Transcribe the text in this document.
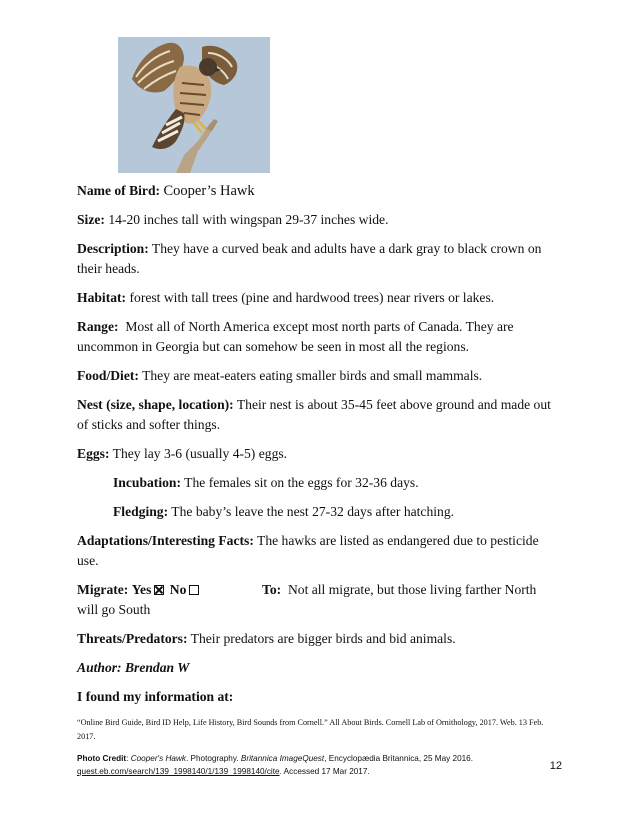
Name of Bird: Cooper’s Hawk
Size: 14-20 inches tall with wingspan 29-37 inches wide.
Description: They have a curved beak and adults have a dark gray to black crown on their heads.
Habitat: forest with tall trees (pine and hardwood trees) near rivers or lakes.
Range: Most all of North America except most north parts of Canada. They are uncommon in Georgia but can somehow be seen in most all the regions.
Food/Diet: They are meat-eaters eating smaller birds and small mammals.
Nest (size, shape, location): Their nest is about 35-45 feet above ground and made out of sticks and softer things.
Eggs: They lay 3-6 (usually 4-5) eggs.
Incubation: The females sit on the eggs for 32-36 days.
Fledging: The baby’s leave the nest 27-32 days after hatching.
Adaptations/Interesting Facts: The hawks are listed as endangered due to pesticide use.
Migrate: Yes No	To: Not all migrate, but those living farther North
will go South
Threats/Predators: Their predators are bigger birds and bid animals.
Author: Brendan W
I found my information at:
“Online Bird Guide, Bird ID Help, Life History, Bird Sounds from Cornell.” All About Birds. Cornell Lab of Ornithology, 2017. Web. 13 Feb. 2017.
Photo Credit: Cooper's Hawk. Photography. Britannica ImageQuest, Encyclopædia Britannica, 25 May 2016.
quest.eb.com/search/139_1998140/1/139_1998140/cite. Accessed 17 Mar 2017.	12
